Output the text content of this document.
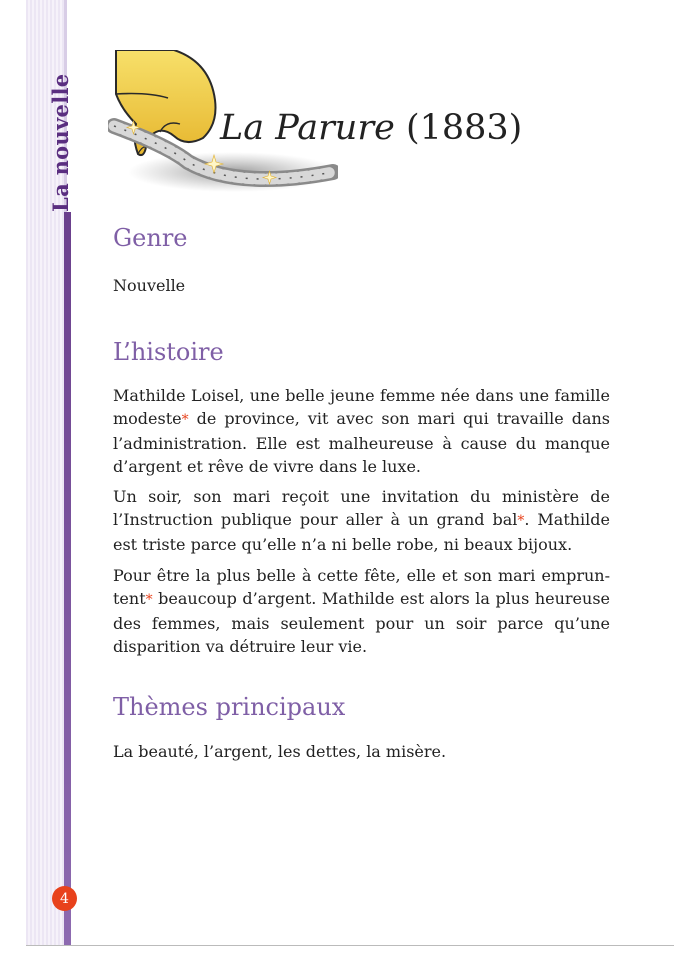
La nouvelle
4
La Parure (1883)
Genre

Nouvelle

L’histoire

Mathilde Loisel, une belle jeune femme née dans une famille modeste* de province, vit avec son mari qui travaille dans l’administration. Elle est malheureuse à cause du manque d’argent et rêve de vivre dans le luxe.

Un soir, son mari reçoit une invitation du ministère de l’Instruction publique pour aller à un grand bal*. Mathilde est triste parce qu’elle n’a ni belle robe, ni beaux bijoux.

Pour être la plus belle à cette fête, elle et son mari empruntent* beaucoup d’argent. Mathilde est alors la plus heureuse des femmes, mais seulement pour un soir parce qu’une disparition va détruire leur vie.

Thèmes principaux

La beauté, l’argent, les dettes, la misère.
